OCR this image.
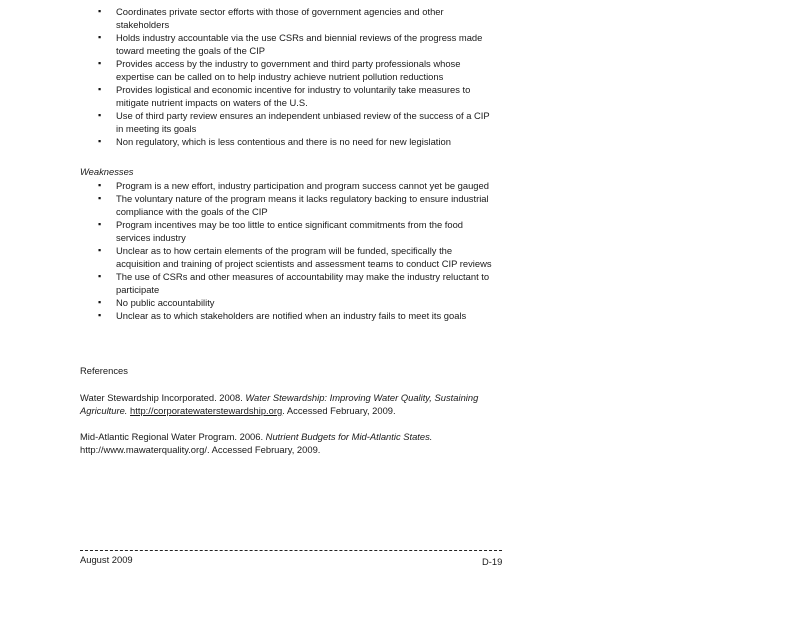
▪ Coordinates private sector efforts with those of government agencies and other stakeholders
▪ Holds industry accountable via the use CSRs and biennial reviews of the progress made toward meeting the goals of the CIP
▪ Provides access by the industry to government and third party professionals whose expertise can be called on to help industry achieve nutrient pollution reductions
▪ Provides logistical and economic incentive for industry to voluntarily take measures to mitigate nutrient impacts on waters of the U.S.
▪ Use of third party review ensures an independent unbiased review of the success of a CIP in meeting its goals
▪ Non regulatory, which is less contentious and there is no need for new legislation
Weaknesses
▪ Program is a new effort, industry participation and program success cannot yet be gauged
▪ The voluntary nature of the program means it lacks regulatory backing to ensure industrial compliance with the goals of the CIP
▪ Program incentives may be too little to entice significant commitments from the food services industry
▪ Unclear as to how certain elements of the program will be funded, specifically the acquisition and training of project scientists and assessment teams to conduct CIP reviews
▪ The use of CSRs and other measures of accountability may make the industry reluctant to participate
▪ No public accountability
▪ Unclear as to which stakeholders are notified when an industry fails to meet its goals
References
Water Stewardship Incorporated. 2008. Water Stewardship: Improving Water Quality, Sustaining Agriculture. http://corporatewaterstewardship.org. Accessed February, 2009.
Mid-Atlantic Regional Water Program. 2006. Nutrient Budgets for Mid-Atlantic States. http://www.mawaterquality.org/. Accessed February, 2009.
August 2009	D-19
